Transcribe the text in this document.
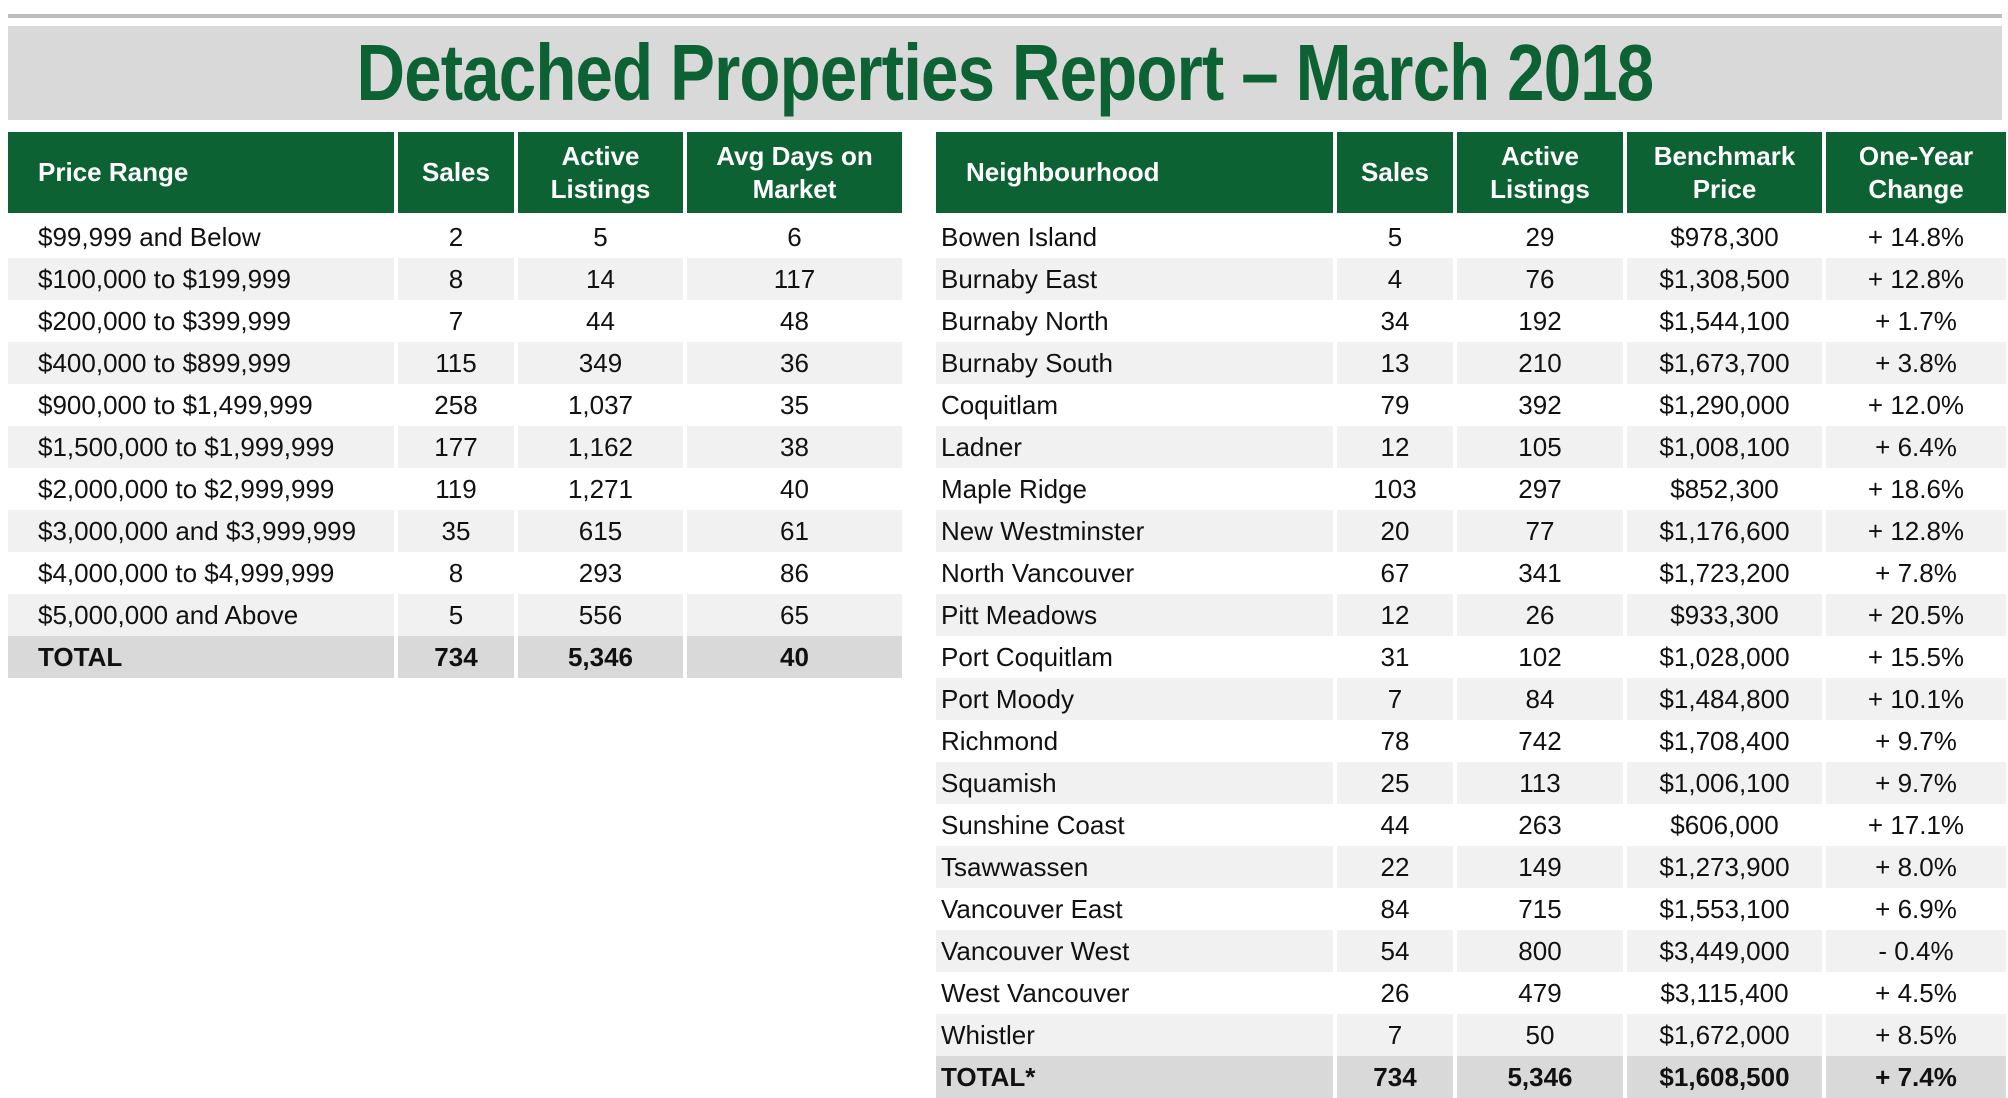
Detached Properties Report – March 2018
Price Range	Sales	Active Listings	Avg Days on Market
$99,999 and Below	2	5	6
$100,000 to $199,999	8	14	117
$200,000 to $399,999	7	44	48
$400,000 to $899,999	115	349	36
$900,000 to $1,499,999	258	1,037	35
$1,500,000 to $1,999,999	177	1,162	38
$2,000,000 to $2,999,999	119	1,271	40
$3,000,000 and $3,999,999	35	615	61
$4,000,000 to $4,999,999	8	293	86
$5,000,000 and Above	5	556	65
TOTAL	734	5,346	40
Neighbourhood	Sales	Active Listings	Benchmark Price	One-Year Change
Bowen Island	5	29	$978,300	+ 14.8%
Burnaby East	4	76	$1,308,500	+ 12.8%
Burnaby North	34	192	$1,544,100	+ 1.7%
Burnaby South	13	210	$1,673,700	+ 3.8%
Coquitlam	79	392	$1,290,000	+ 12.0%
Ladner	12	105	$1,008,100	+ 6.4%
Maple Ridge	103	297	$852,300	+ 18.6%
New Westminster	20	77	$1,176,600	+ 12.8%
North Vancouver	67	341	$1,723,200	+ 7.8%
Pitt Meadows	12	26	$933,300	+ 20.5%
Port Coquitlam	31	102	$1,028,000	+ 15.5%
Port Moody	7	84	$1,484,800	+ 10.1%
Richmond	78	742	$1,708,400	+ 9.7%
Squamish	25	113	$1,006,100	+ 9.7%
Sunshine Coast	44	263	$606,000	+ 17.1%
Tsawwassen	22	149	$1,273,900	+ 8.0%
Vancouver East	84	715	$1,553,100	+ 6.9%
Vancouver West	54	800	$3,449,000	- 0.4%
West Vancouver	26	479	$3,115,400	+ 4.5%
Whistler	7	50	$1,672,000	+ 8.5%
TOTAL*	734	5,346	$1,608,500	+ 7.4%
